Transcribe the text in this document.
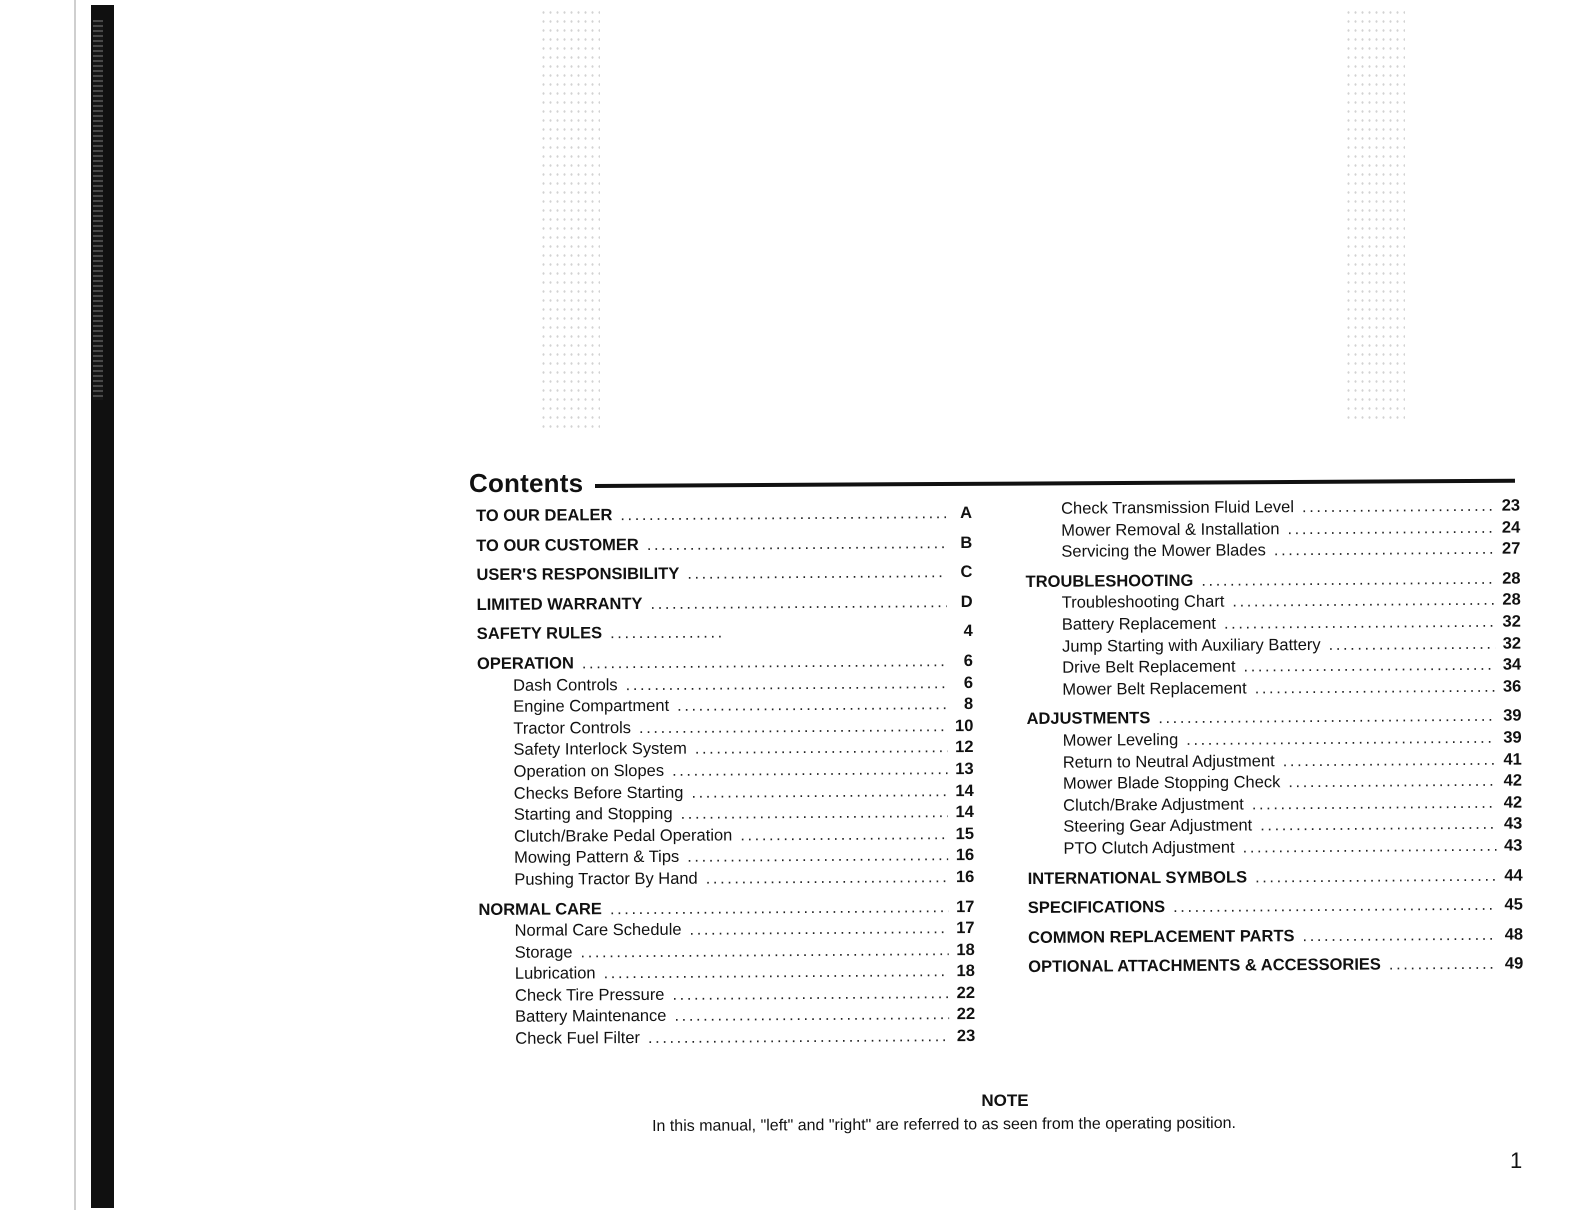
Contents
TO OUR DEALER . . .	A
TO OUR CUSTOMER . . .	B
USER'S RESPONSIBILITY . . .	C
LIMITED WARRANTY . . .	D
SAFETY RULES . . .	4
OPERATION . . .	6
Dash Controls . . .	6
Engine Compartment . . .	8
Tractor Controls . . .	10
Safety Interlock System . . .	12
Operation on Slopes . . .	13
Checks Before Starting . . .	14
Starting and Stopping . . .	14
Clutch/Brake Pedal Operation . . .	15
Mowing Pattern & Tips . . .	16
Pushing Tractor By Hand . . .	16
NORMAL CARE . . .	17
Normal Care Schedule . . .	17
Storage . . .	18
Lubrication . . .	18
Check Tire Pressure . . .	22
Battery Maintenance . . .	22
Check Fuel Filter . . .	23
Check Transmission Fluid Level . . .	23
Mower Removal & Installation . . .	24
Servicing the Mower Blades . . .	27
TROUBLESHOOTING . . .	28
Troubleshooting Chart . . .	28
Battery Replacement . . .	32
Jump Starting with Auxiliary Battery . . .	32
Drive Belt Replacement . . .	34
Mower Belt Replacement . . .	36
ADJUSTMENTS . . .	39
Mower Leveling . . .	39
Return to Neutral Adjustment . . .	41
Mower Blade Stopping Check . . .	42
Clutch/Brake Adjustment . . .	42
Steering Gear Adjustment . . .	43
PTO Clutch Adjustment . . .	43
INTERNATIONAL SYMBOLS . . .	44
SPECIFICATIONS . . .	45
COMMON REPLACEMENT PARTS . . .	48
OPTIONAL ATTACHMENTS & ACCESSORIES . . .	49
NOTE
In this manual, "left" and "right" are referred to as seen from the operating position.
1
